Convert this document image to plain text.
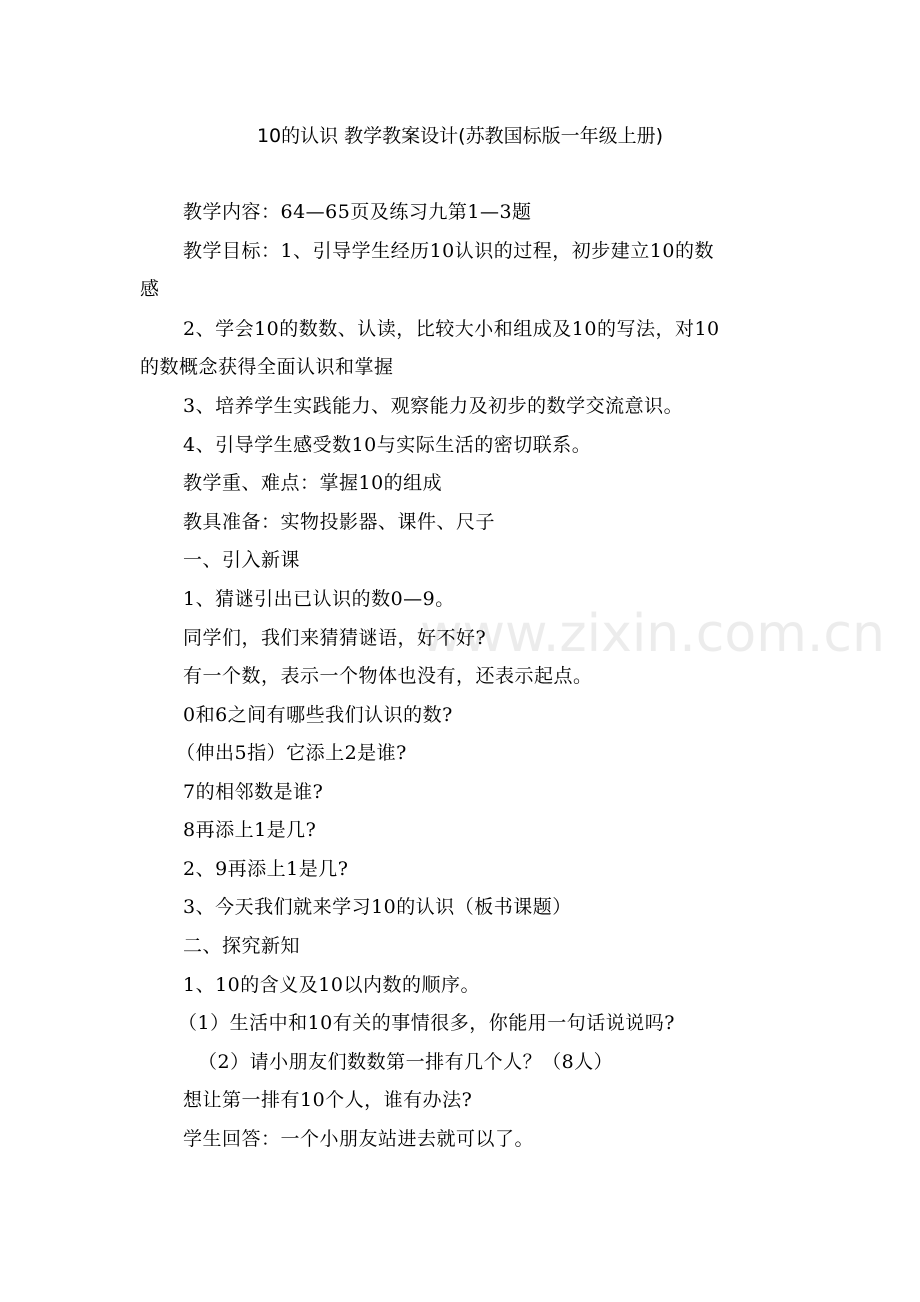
www.zixin.com.cn
10的认识 教学教案设计(苏教国标版一年级上册)
教学内容：64—65页及练习九第1—3题
教学目标：1、引导学生经历10认识的过程，初步建立10的数
感
2、学会10的数数、认读，比较大小和组成及10的写法，对10
的数概念获得全面认识和掌握
3、培养学生实践能力、观察能力及初步的数学交流意识。
4、引导学生感受数10与实际生活的密切联系。
教学重、难点：掌握10的组成
教具准备：实物投影器、课件、尺子
一、引入新课
1、猜谜引出已认识的数0—9。
同学们，我们来猜猜谜语，好不好?
有一个数，表示一个物体也没有，还表示起点。
0和6之间有哪些我们认识的数?
（伸出5指）它添上2是谁?
7的相邻数是谁?
8再添上1是几?
2、9再添上1是几?
3、今天我们就来学习10的认识（板书课题）
二、探究新知
1、10的含义及10以内数的顺序。
（1）生活中和10有关的事情很多，你能用一句话说说吗?
（2）请小朋友们数数第一排有几个人？（8人）
想让第一排有10个人，谁有办法?
学生回答：一个小朋友站进去就可以了。
